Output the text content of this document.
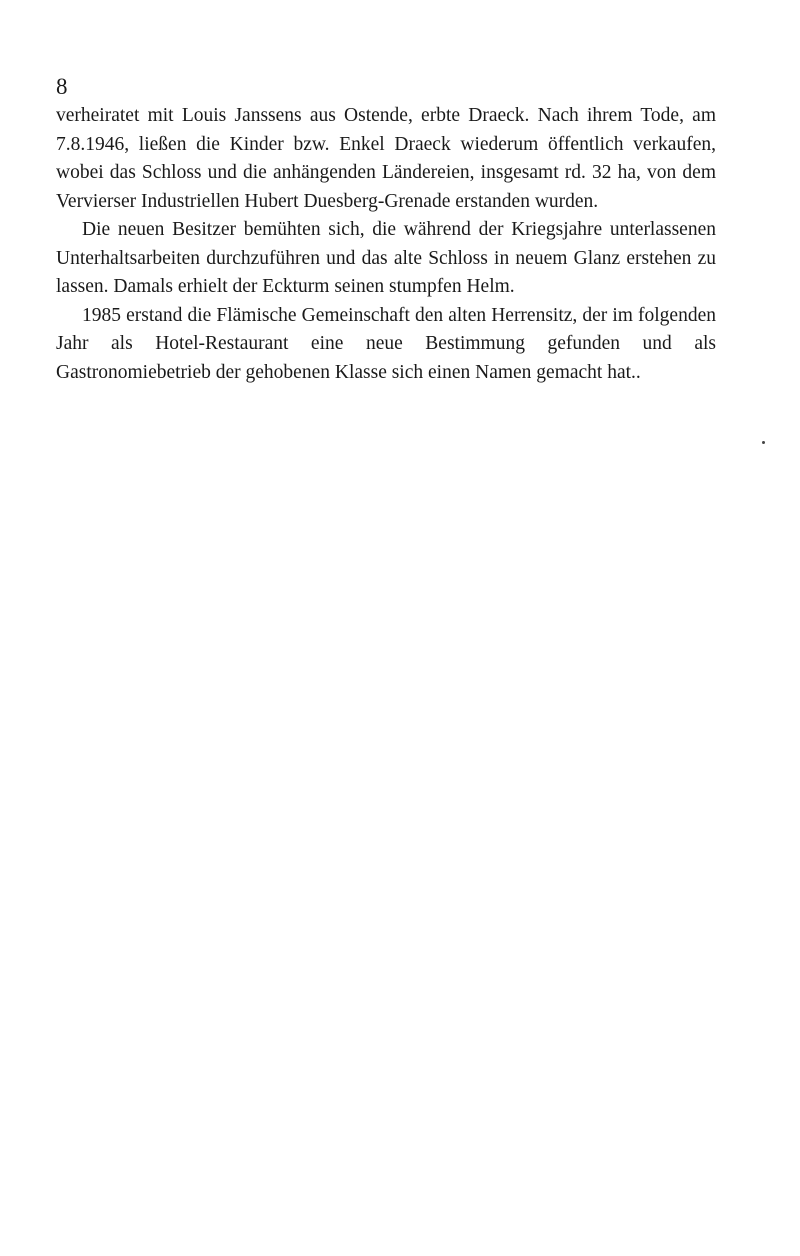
8

verheiratet mit Louis Janssens aus Ostende, erbte Draeck. Nach ihrem Tode, am 7.8.1946, ließen die Kinder bzw. Enkel Draeck wiederum öffentlich verkaufen, wobei das Schloss und die anhängenden Ländereien, insgesamt rd. 32 ha, von dem Vervierser Industriellen Hubert Duesberg-Grenade erstanden wurden.

Die neuen Besitzer bemühten sich, die während der Kriegsjahre unterlassenen Unterhaltsarbeiten durchzuführen und das alte Schloss in neuem Glanz erstehen zu lassen. Damals erhielt der Eckturm seinen stumpfen Helm.

1985 erstand die Flämische Gemeinschaft den alten Herrensitz, der im folgenden Jahr als Hotel-Restaurant eine neue Bestimmung gefunden und als Gastronomiebetrieb der gehobenen Klasse sich einen Namen gemacht hat..
